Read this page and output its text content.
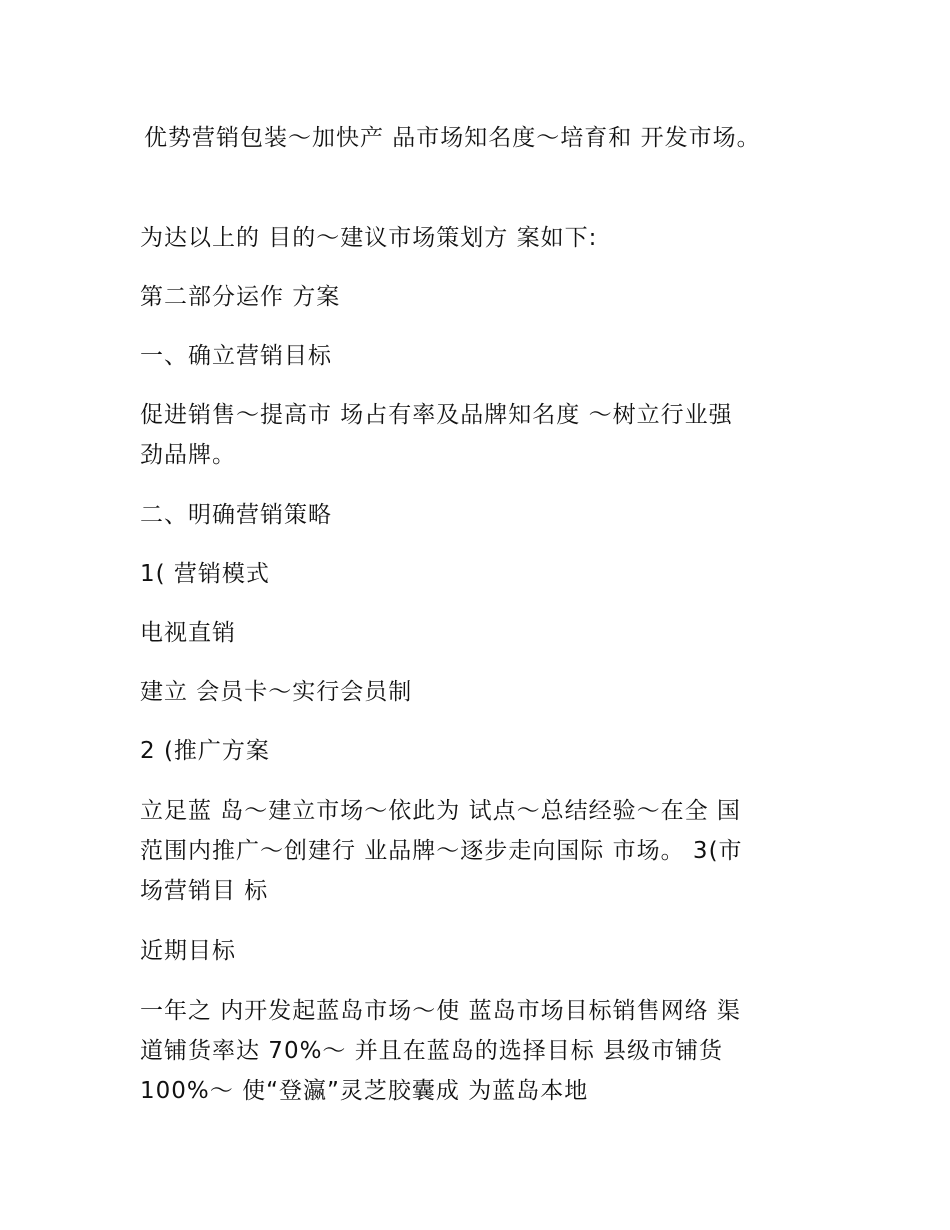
优势营销包装～加快产 品市场知名度～培育和 开发市场。

为达以上的 目的～建议市场策划方 案如下:

第二部分运作 方案

一、确立营销目标

促进销售～提高市 场占有率及品牌知名度 ～树立行业强
劲品牌。

二、明确营销策略

1( 营销模式

电视直销

建立 会员卡～实行会员制

2 (推广方案

立足蓝 岛～建立市场～依此为 试点～总结经验～在全 国
范围内推广～创建行 业品牌～逐步走向国际 市场。 3(市
场营销目 标

近期目标

一年之 内开发起蓝岛市场～使 蓝岛市场目标销售网络 渠
道铺货率达 70%～ 并且在蓝岛的选择目标 县级市铺货
100%～ 使“登瀛”灵芝胶囊成 为蓝岛本地
